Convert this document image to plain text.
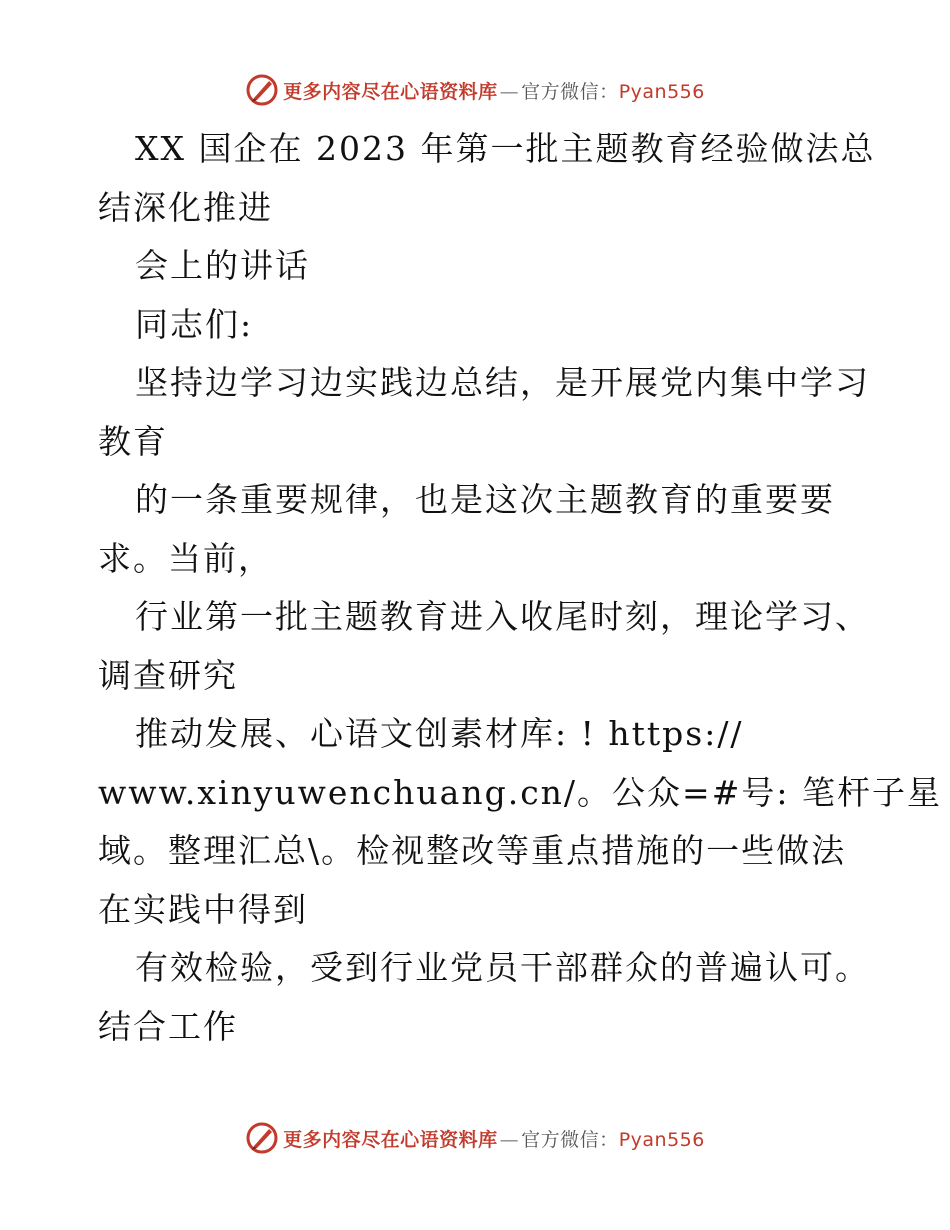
更多内容尽在心语资料库 — 官方微信：Pyan556
XX 国企在 2023 年第一批主题教育经验做法总
结深化推进
会上的讲话
同志们:
坚持边学习边实践边总结，是开展党内集中学习
教育
的一条重要规律，也是这次主题教育的重要要
求。当前，
行业第一批主题教育进入收尾时刻，理论学习、
调查研究
推动发展、心语文创素材库: ! https://
www.xinyuwenchuang.cn/。公众=#号: 笔杆子星
域。整理汇总\。检视整改等重点措施的一些做法
在实践中得到
有效检验，受到行业党员干部群众的普遍认可。
结合工作
更多内容尽在心语资料库 — 官方微信：Pyan556
